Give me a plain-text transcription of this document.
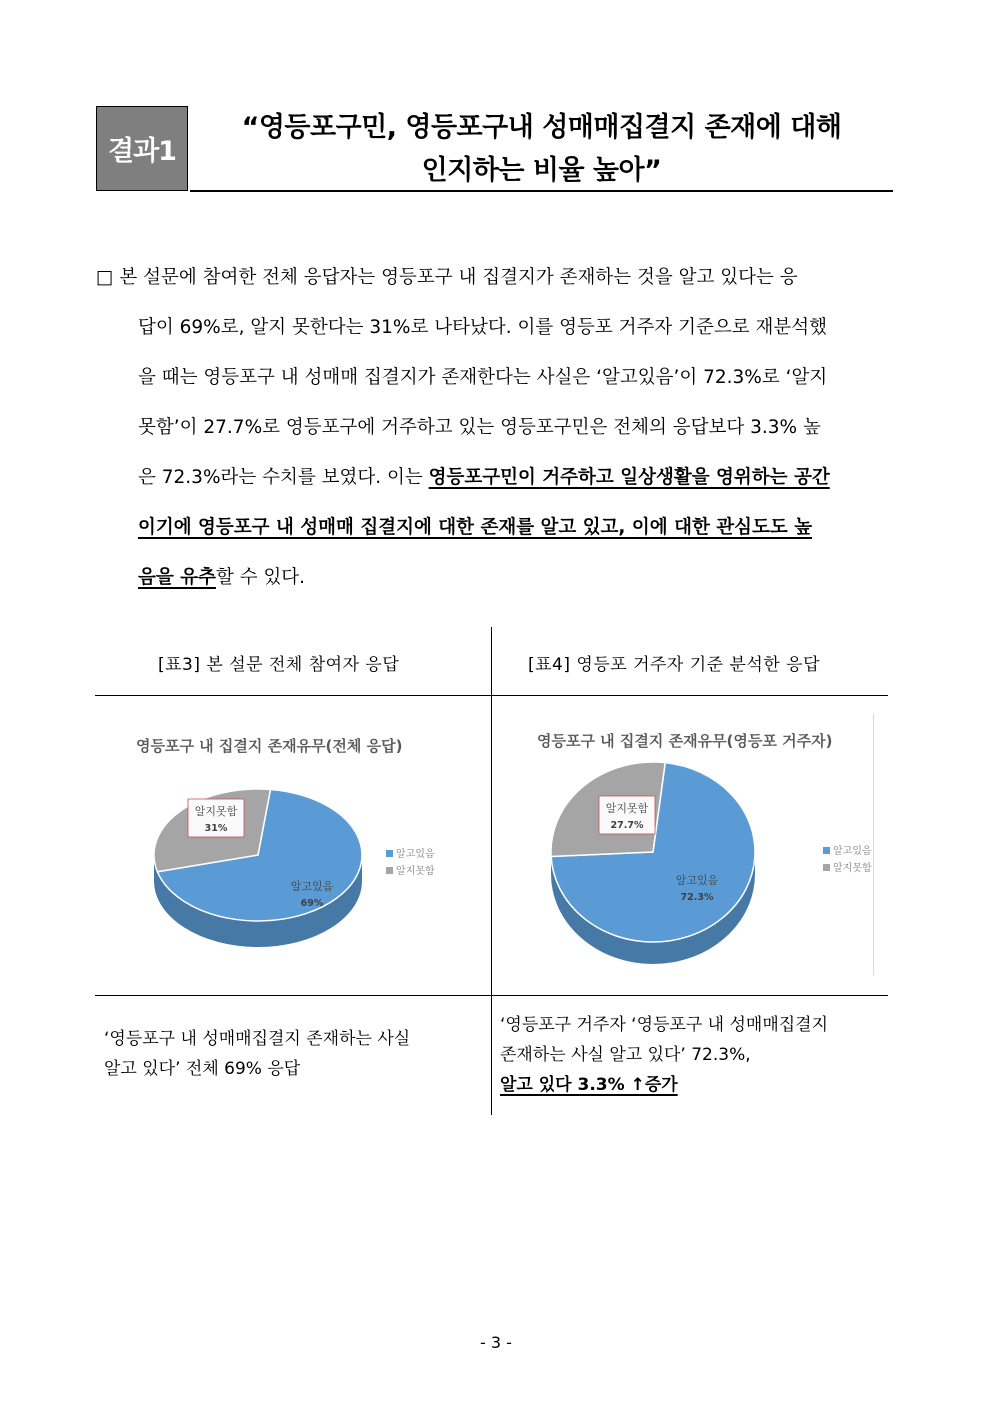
결과1
“영등포구민, 영등포구내 성매매집결지 존재에 대해
인지하는 비율 높아”
□ 본 설문에 참여한 전체 응답자는 영등포구 내 집결지가 존재하는 것을 알고 있다는 응
답이 69%로, 알지 못한다는 31%로 나타났다. 이를 영등포 거주자 기준으로 재분석했
을 때는 영등포구 내 성매매 집결지가 존재한다는 사실은 ‘알고있음’이 72.3%로 ‘알지
못함’이 27.7%로 영등포구에 거주하고 있는 영등포구민은 전체의 응답보다 3.3% 높
은 72.3%라는 수치를 보였다. 이는 영등포구민이 거주하고 일상생활을 영위하는 공간
이기에 영등포구 내 성매매 집결지에 대한 존재를 알고 있고, 이에 대한 관심도도 높
음을 유추할 수 있다.
[표3] 본 설문 전체 참여자 응답	[표4] 영등포 거주자 기준 분석한 응답
영등포구 내 집결지 존재유무(전체 응답)
알고있음
69%
알지못함
31%
알고있음
알지못함
영등포구 내 집결지 존재유무(영등포 거주자)
알고있음
72.3%
알지못함
27.7%
알고있음
알지못함
‘영등포구 내 성매매집결지 존재하는 사실
알고 있다’ 전체 69% 응답
‘영등포구 거주자 ‘영등포구 내 성매매집결지
존재하는 사실 알고 있다’ 72.3%,
알고 있다 3.3% ↑증가
- 3 -
